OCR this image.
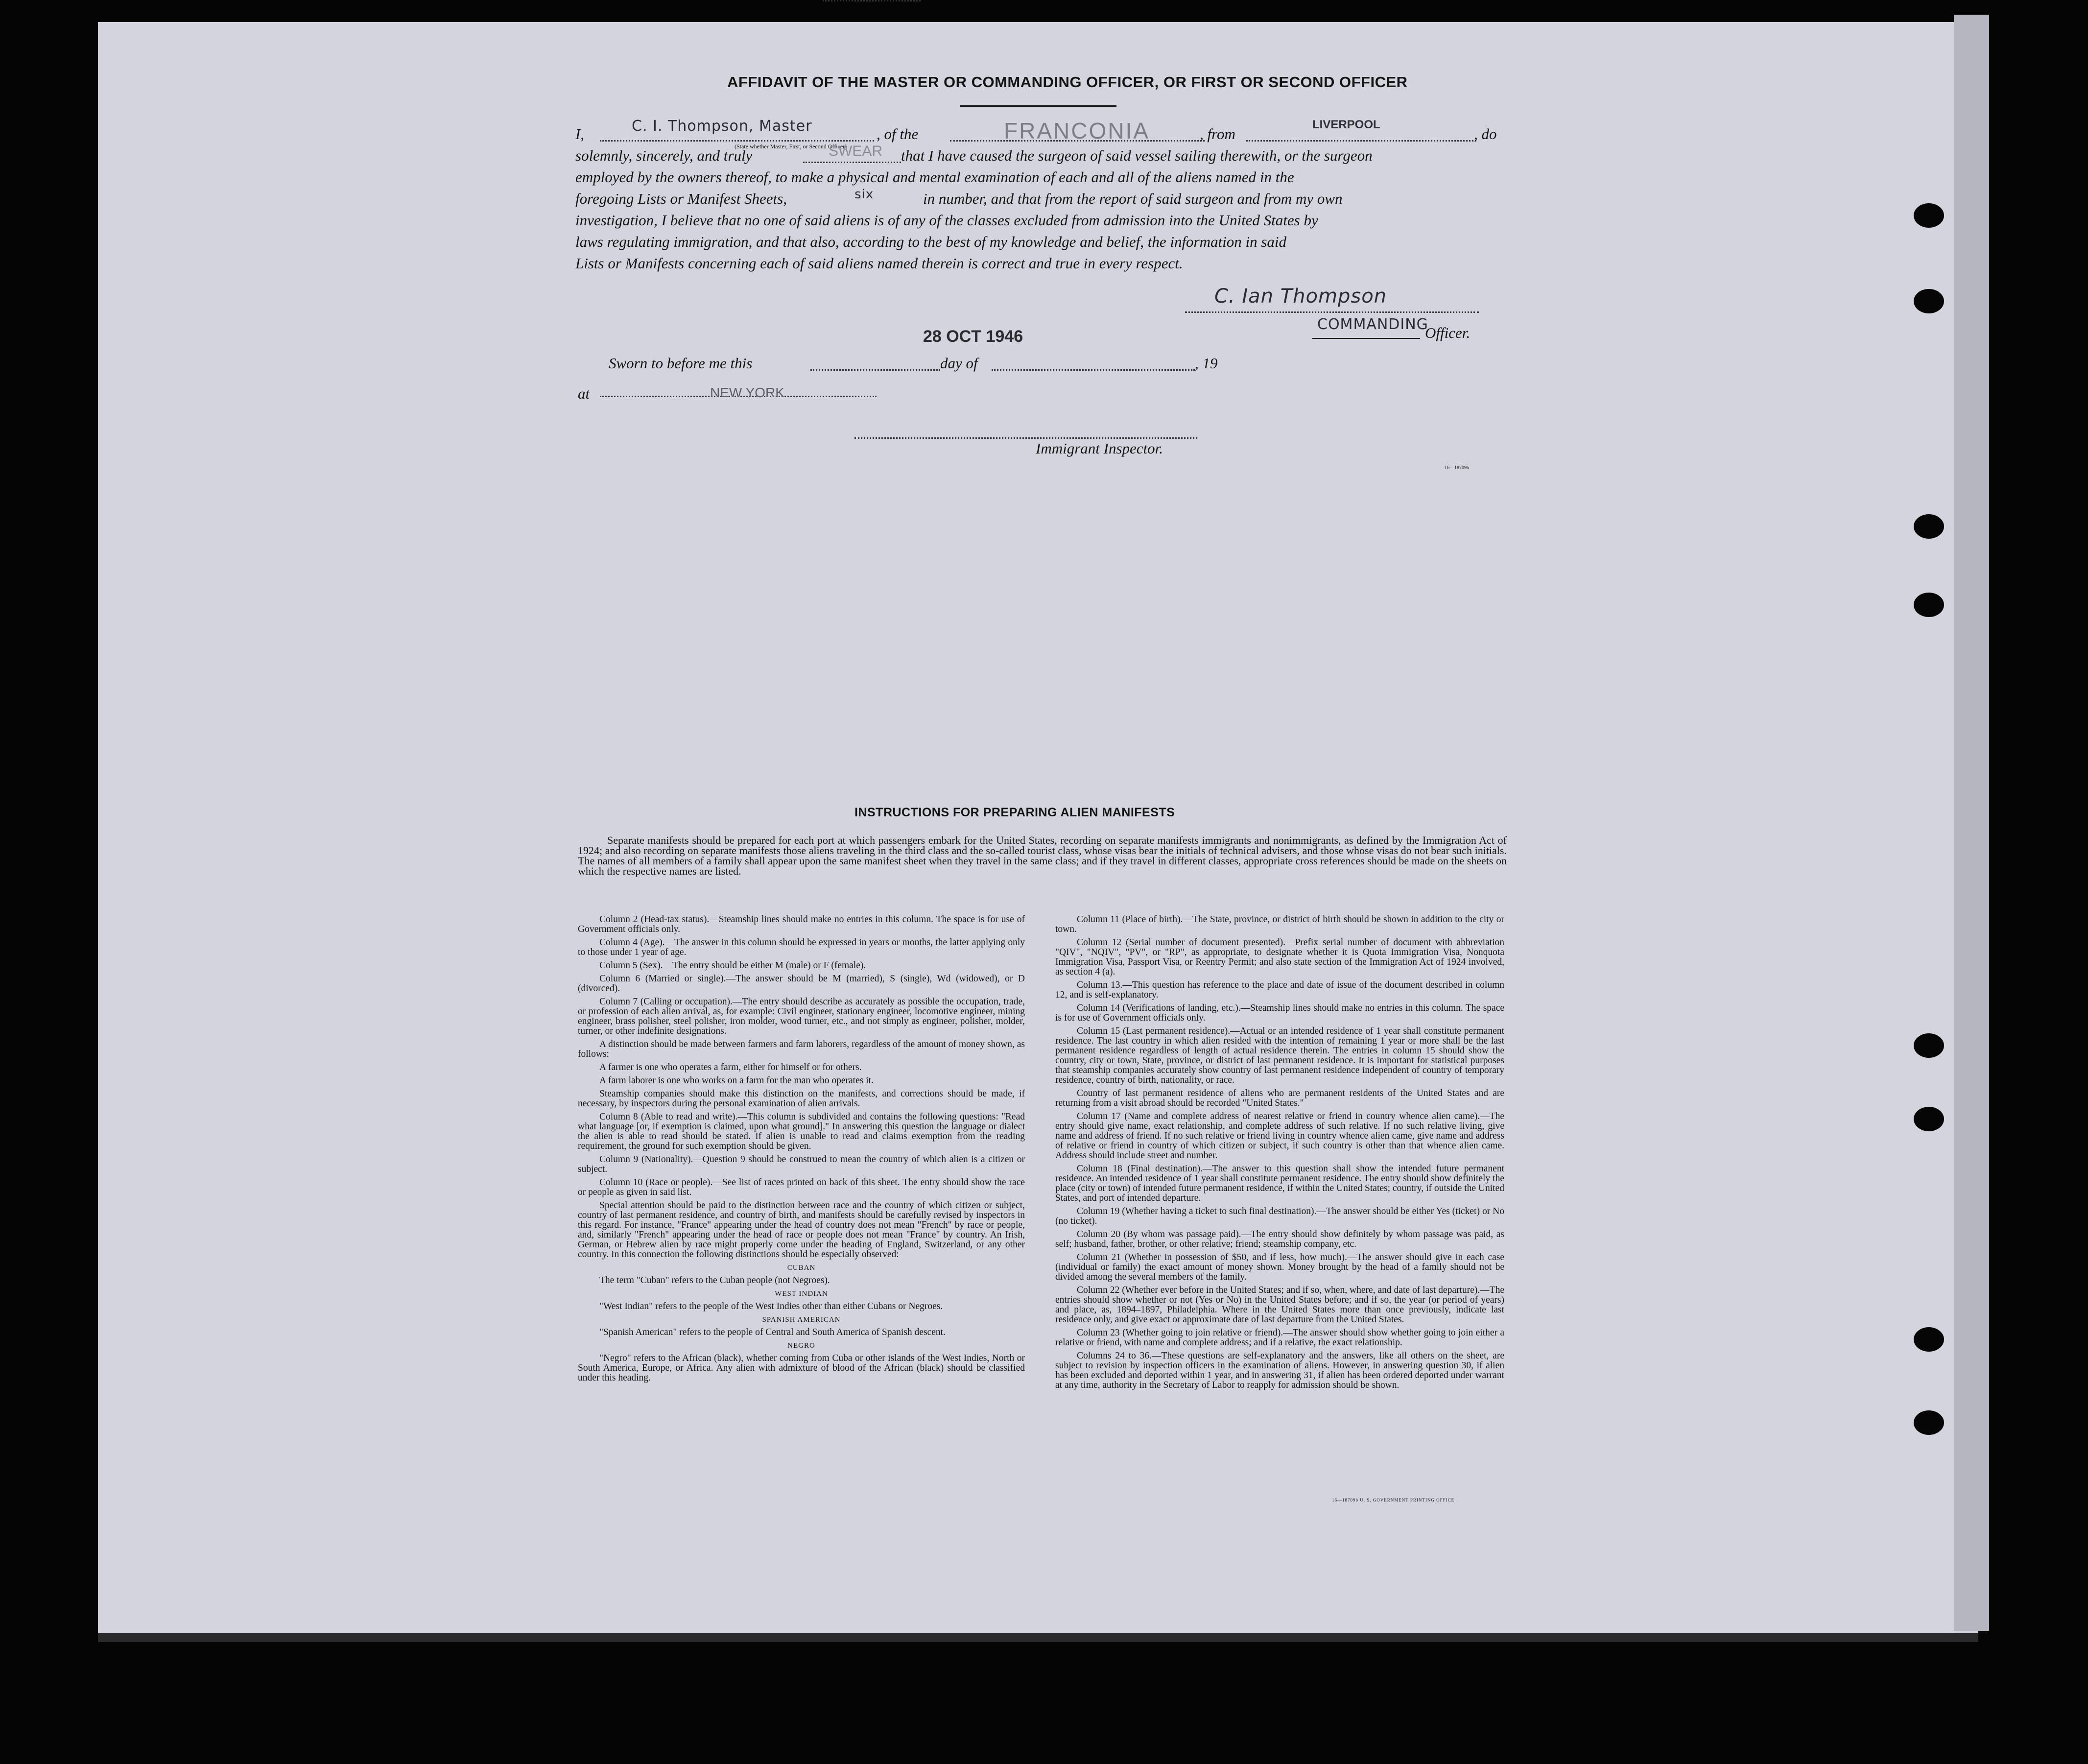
AFFIDAVIT OF THE MASTER OR COMMANDING OFFICER, OR FIRST OR SECOND OFFICER
I,	C. I. Thompson, Master
(State whether Master, First, or Second Officer)
, of the	FRANCONIA	, from
LIVERPOOL
, do
solemnly, sincerely, and truly	SWEAR that I have caused the surgeon of said vessel sailing therewith, or the surgeon
employed by the owners thereof, to make a physical and mental examination of each and all of the aliens named in the
foregoing Lists or Manifest Sheets,	six	in number, and that from the report of said surgeon and from my own
investigation, I believe that no one of said aliens is of any of the classes excluded from admission into the United States by
laws regulating immigration, and that also, according to the best of my knowledge and belief, the information in said
Lists or Manifests concerning each of said aliens named therein is correct and true in every respect.
C. Ian Thompson
COMMANDING
Officer.
28 OCT 1946
Sworn to before me this	day of	, 19
at	NEW YORK
Immigrant Inspector.
16—18709b
INSTRUCTIONS FOR PREPARING ALIEN MANIFESTS
Separate manifests should be prepared for each port at which passengers embark for the United States, recording on separate manifests immigrants and nonimmigrants, as defined by the Immigration Act of 1924; and also recording on separate manifests those aliens traveling in the third class and the so-called tourist class, whose visas bear the initials of technical advisers, and those whose visas do not bear such initials. The names of all members of a family shall appear upon the same manifest sheet when they travel in the same class; and if they travel in different classes, appropriate cross references should be made on the sheets on which the respective names are listed.

Column 2 (Head-tax status).—Steamship lines should make no entries in this column. The space is for use of Government officials only.

Column 4 (Age).—The answer in this column should be expressed in years or months, the latter applying only to those under 1 year of age.

Column 5 (Sex).—The entry should be either M (male) or F (female).

Column 6 (Married or single).—The answer should be M (married), S (single), Wd (widowed), or D (divorced).

Column 7 (Calling or occupation).—The entry should describe as accurately as possible the occupation, trade, or profession of each alien arrival, as, for example: Civil engineer, stationary engineer, locomotive engineer, mining engineer, brass polisher, steel polisher, iron molder, wood turner, etc., and not simply as engineer, polisher, molder, turner, or other indefinite designations.

A distinction should be made between farmers and farm laborers, regardless of the amount of money shown, as follows:

A farmer is one who operates a farm, either for himself or for others.

A farm laborer is one who works on a farm for the man who operates it.

Steamship companies should make this distinction on the manifests, and corrections should be made, if necessary, by inspectors during the personal examination of alien arrivals.

Column 8 (Able to read and write).—This column is subdivided and contains the following questions: "Read what language [or, if exemption is claimed, upon what ground]." In answering this question the language or dialect the alien is able to read should be stated. If alien is unable to read and claims exemption from the reading requirement, the ground for such exemption should be given.

Column 9 (Nationality).—Question 9 should be construed to mean the country of which alien is a citizen or subject.

Column 10 (Race or people).—See list of races printed on back of this sheet. The entry should show the race or people as given in said list.

Special attention should be paid to the distinction between race and the country of which citizen or subject, country of last permanent residence, and country of birth, and manifests should be carefully revised by inspectors in this regard. For instance, "France" appearing under the head of country does not mean "French" by race or people, and, similarly "French" appearing under the head of race or people does not mean "France" by country. An Irish, German, or Hebrew alien by race might properly come under the heading of England, Switzerland, or any other country. In this connection the following distinctions should be especially observed:

CUBAN

The term "Cuban" refers to the Cuban people (not Negroes).

WEST INDIAN

"West Indian" refers to the people of the West Indies other than either Cubans or Negroes.

SPANISH AMERICAN

"Spanish American" refers to the people of Central and South America of Spanish descent.

NEGRO

"Negro" refers to the African (black), whether coming from Cuba or other islands of the West Indies, North or South America, Europe, or Africa. Any alien with admixture of blood of the African (black) should be classified under this heading.

Column 11 (Place of birth).—The State, province, or district of birth should be shown in addition to the city or town.

Column 12 (Serial number of document presented).—Prefix serial number of document with abbreviation "QIV", "NQIV", "PV", or "RP", as appropriate, to designate whether it is Quota Immigration Visa, Nonquota Immigration Visa, Passport Visa, or Reentry Permit; and also state section of the Immigration Act of 1924 involved, as section 4 (a).

Column 13.—This question has reference to the place and date of issue of the document described in column 12, and is self-explanatory.

Column 14 (Verifications of landing, etc.).—Steamship lines should make no entries in this column. The space is for use of Government officials only.

Column 15 (Last permanent residence).—Actual or an intended residence of 1 year shall constitute permanent residence. The last country in which alien resided with the intention of remaining 1 year or more shall be the last permanent residence regardless of length of actual residence therein. The entries in column 15 should show the country, city or town, State, province, or district of last permanent residence. It is important for statistical purposes that steamship companies accurately show country of last permanent residence independent of country of temporary residence, country of birth, nationality, or race.

Country of last permanent residence of aliens who are permanent residents of the United States and are returning from a visit abroad should be recorded "United States."

Column 17 (Name and complete address of nearest relative or friend in country whence alien came).—The entry should give name, exact relationship, and complete address of such relative. If no such relative living, give name and address of friend. If no such relative or friend living in country whence alien came, give name and address of relative or friend in country of which citizen or subject, if such country is other than that whence alien came. Address should include street and number.

Column 18 (Final destination).—The answer to this question shall show the intended future permanent residence. An intended residence of 1 year shall constitute permanent residence. The entry should show definitely the place (city or town) of intended future permanent residence, if within the United States; country, if outside the United States, and port of intended departure.

Column 19 (Whether having a ticket to such final destination).—The answer should be either Yes (ticket) or No (no ticket).

Column 20 (By whom was passage paid).—The entry should show definitely by whom passage was paid, as self; husband, father, brother, or other relative; friend; steamship company, etc.

Column 21 (Whether in possession of $50, and if less, how much).—The answer should give in each case (individual or family) the exact amount of money shown. Money brought by the head of a family should not be divided among the several members of the family.

Column 22 (Whether ever before in the United States; and if so, when, where, and date of last departure).—The entries should show whether or not (Yes or No) in the United States before; and if so, the year (or period of years) and place, as, 1894–1897, Philadelphia. Where in the United States more than once previously, indicate last residence only, and give exact or approximate date of last departure from the United States.

Column 23 (Whether going to join relative or friend).—The answer should show whether going to join either a relative or friend, with name and complete address; and if a relative, the exact relationship.

Columns 24 to 36.—These questions are self-explanatory and the answers, like all others on the sheet, are subject to revision by inspection officers in the examination of aliens. However, in answering question 30, if alien has been excluded and deported within 1 year, and in answering 31, if alien has been ordered deported under warrant at any time, authority in the Secretary of Labor to reapply for admission should be shown.

16—18709b U. S. GOVERNMENT PRINTING OFFICE
